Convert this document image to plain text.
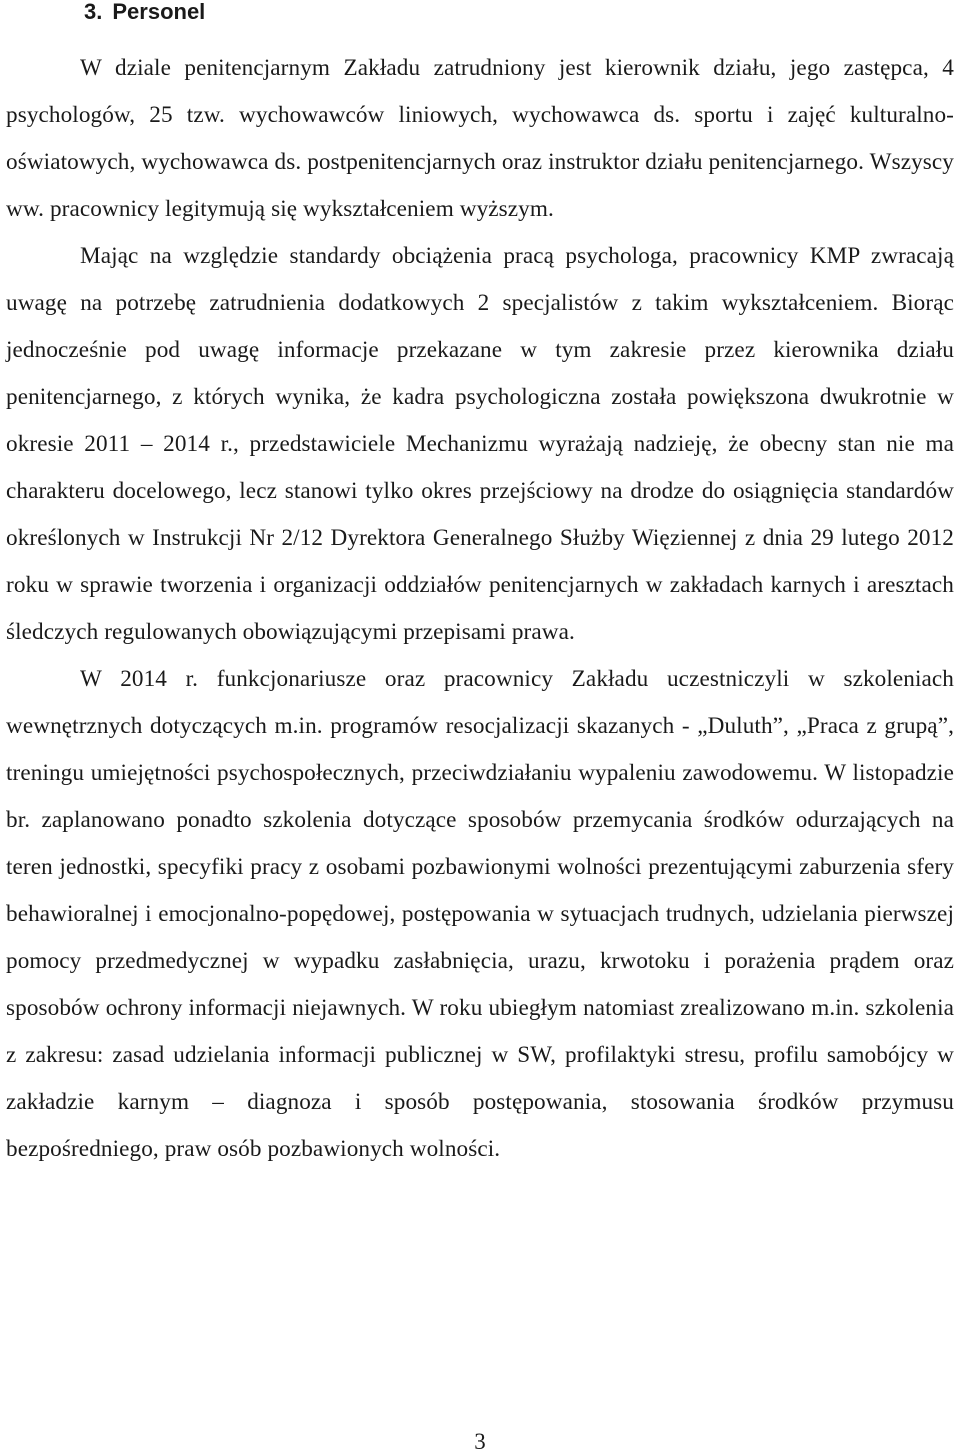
3. Personel

W dziale penitencjarnym Zakładu zatrudniony jest kierownik działu, jego zastępca, 4 psychologów, 25 tzw. wychowawców liniowych, wychowawca ds. sportu i zajęć kulturalno-oświatowych, wychowawca ds. postpenitencjarnych oraz instruktor działu penitencjarnego. Wszyscy ww. pracownicy legitymują się wykształceniem wyższym.

Mając na względzie standardy obciążenia pracą psychologa, pracownicy KMP zwracają uwagę na potrzebę zatrudnienia dodatkowych 2 specjalistów z takim wykształceniem. Biorąc jednocześnie pod uwagę informacje przekazane w tym zakresie przez kierownika działu penitencjarnego, z których wynika, że kadra psychologiczna została powiększona dwukrotnie w okresie 2011 – 2014 r., przedstawiciele Mechanizmu wyrażają nadzieję, że obecny stan nie ma charakteru docelowego, lecz stanowi tylko okres przejściowy na drodze do osiągnięcia standardów określonych w Instrukcji Nr 2/12 Dyrektora Generalnego Służby Więziennej z dnia 29 lutego 2012 roku w sprawie tworzenia i organizacji oddziałów penitencjarnych w zakładach karnych i aresztach śledczych regulowanych obowiązującymi przepisami prawa.

W 2014 r. funkcjonariusze oraz pracownicy Zakładu uczestniczyli w szkoleniach wewnętrznych dotyczących m.in. programów resocjalizacji skazanych - „Duluth”, „Praca z grupą”, treningu umiejętności psychospołecznych, przeciwdziałaniu wypaleniu zawodowemu. W listopadzie br. zaplanowano ponadto szkolenia dotyczące sposobów przemycania środków odurzających na teren jednostki, specyfiki pracy z osobami pozbawionymi wolności prezentującymi zaburzenia sfery behawioralnej i emocjonalno-popędowej, postępowania w sytuacjach trudnych, udzielania pierwszej pomocy przedmedycznej w wypadku zasłabnięcia, urazu, krwotoku i porażenia prądem oraz sposobów ochrony informacji niejawnych. W roku ubiegłym natomiast zrealizowano m.in. szkolenia z zakresu: zasad udzielania informacji publicznej w SW, profilaktyki stresu, profilu samobójcy w zakładzie karnym – diagnoza i sposób postępowania, stosowania środków przymusu bezpośredniego, praw osób pozbawionych wolności.

3
